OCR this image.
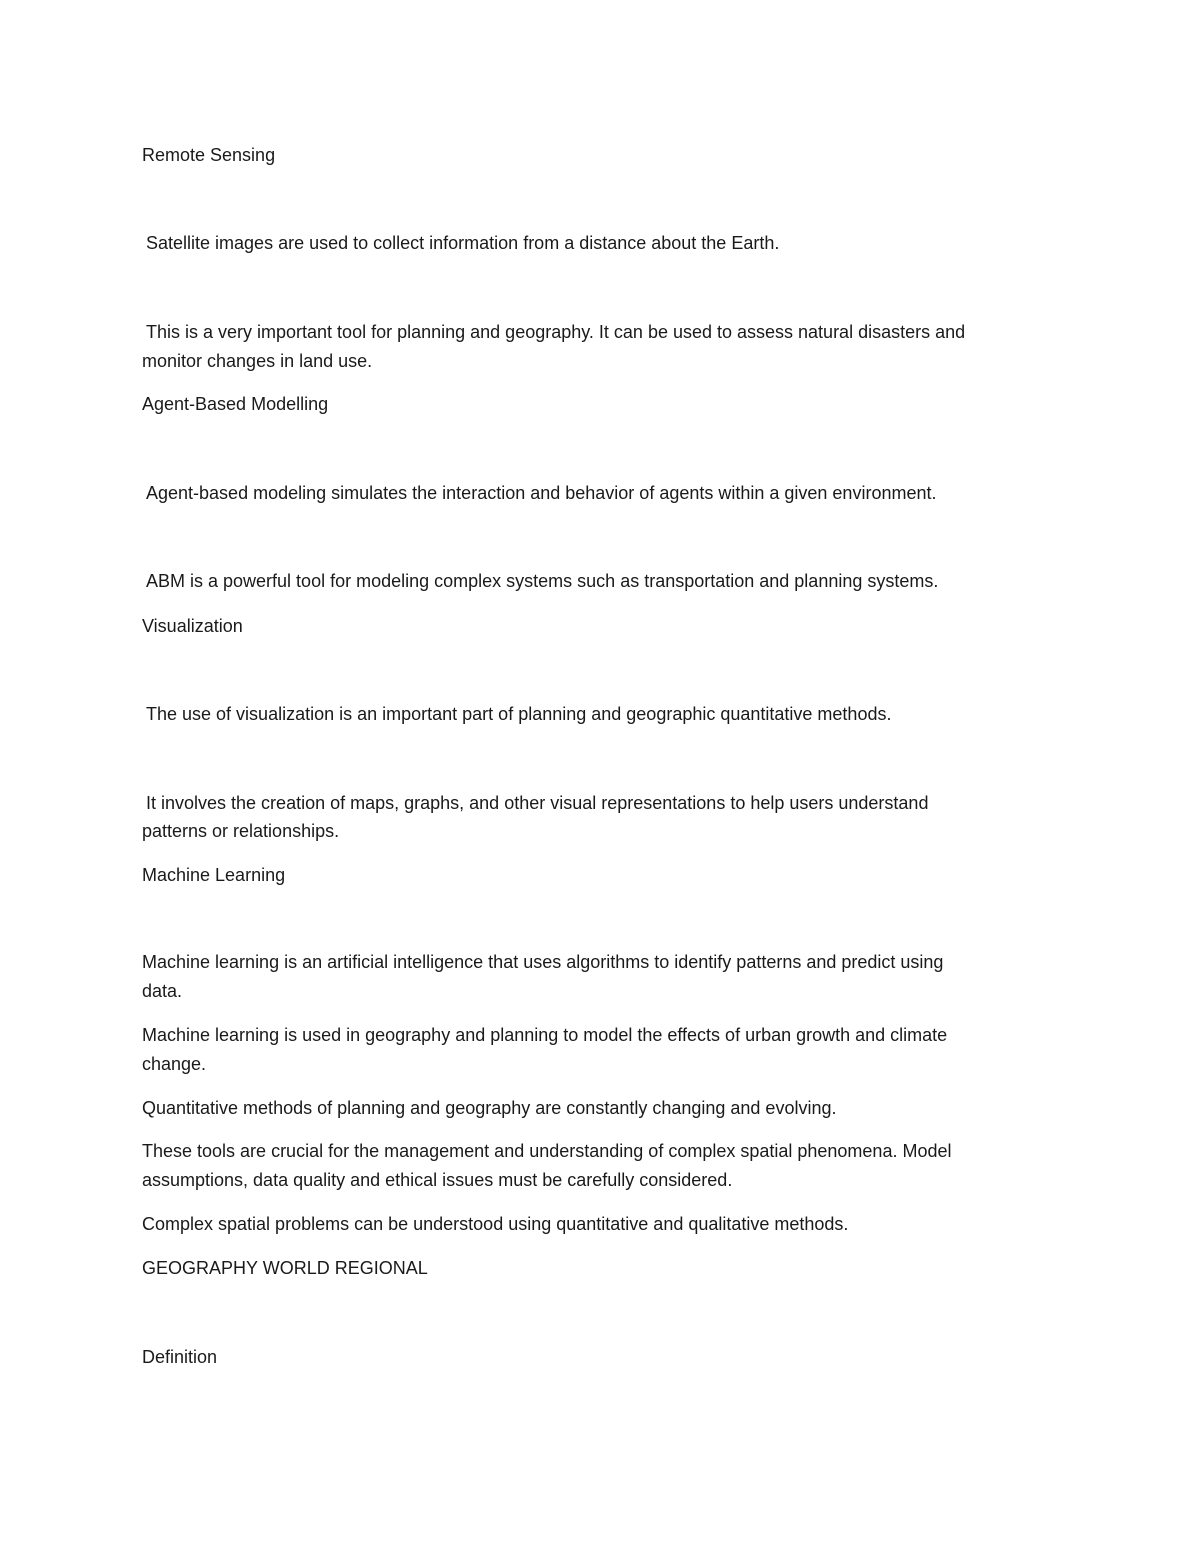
Remote Sensing

Satellite images are used to collect information from a distance about the Earth.

This is a very important tool for planning and geography. It can be used to assess natural disasters and

monitor changes in land use.

Agent-Based Modelling

Agent-based modeling simulates the interaction and behavior of agents within a given environment.

ABM is a powerful tool for modeling complex systems such as transportation and planning systems.

Visualization

The use of visualization is an important part of planning and geographic quantitative methods.

It involves the creation of maps, graphs, and other visual representations to help users understand

patterns or relationships.

Machine Learning

Machine learning is an artificial intelligence that uses algorithms to identify patterns and predict using

data.

Machine learning is used in geography and planning to model the effects of urban growth and climate

change.

Quantitative methods of planning and geography are constantly changing and evolving.

These tools are crucial for the management and understanding of complex spatial phenomena. Model

assumptions, data quality and ethical issues must be carefully considered.

Complex spatial problems can be understood using quantitative and qualitative methods.

GEOGRAPHY WORLD REGIONAL

Definition
